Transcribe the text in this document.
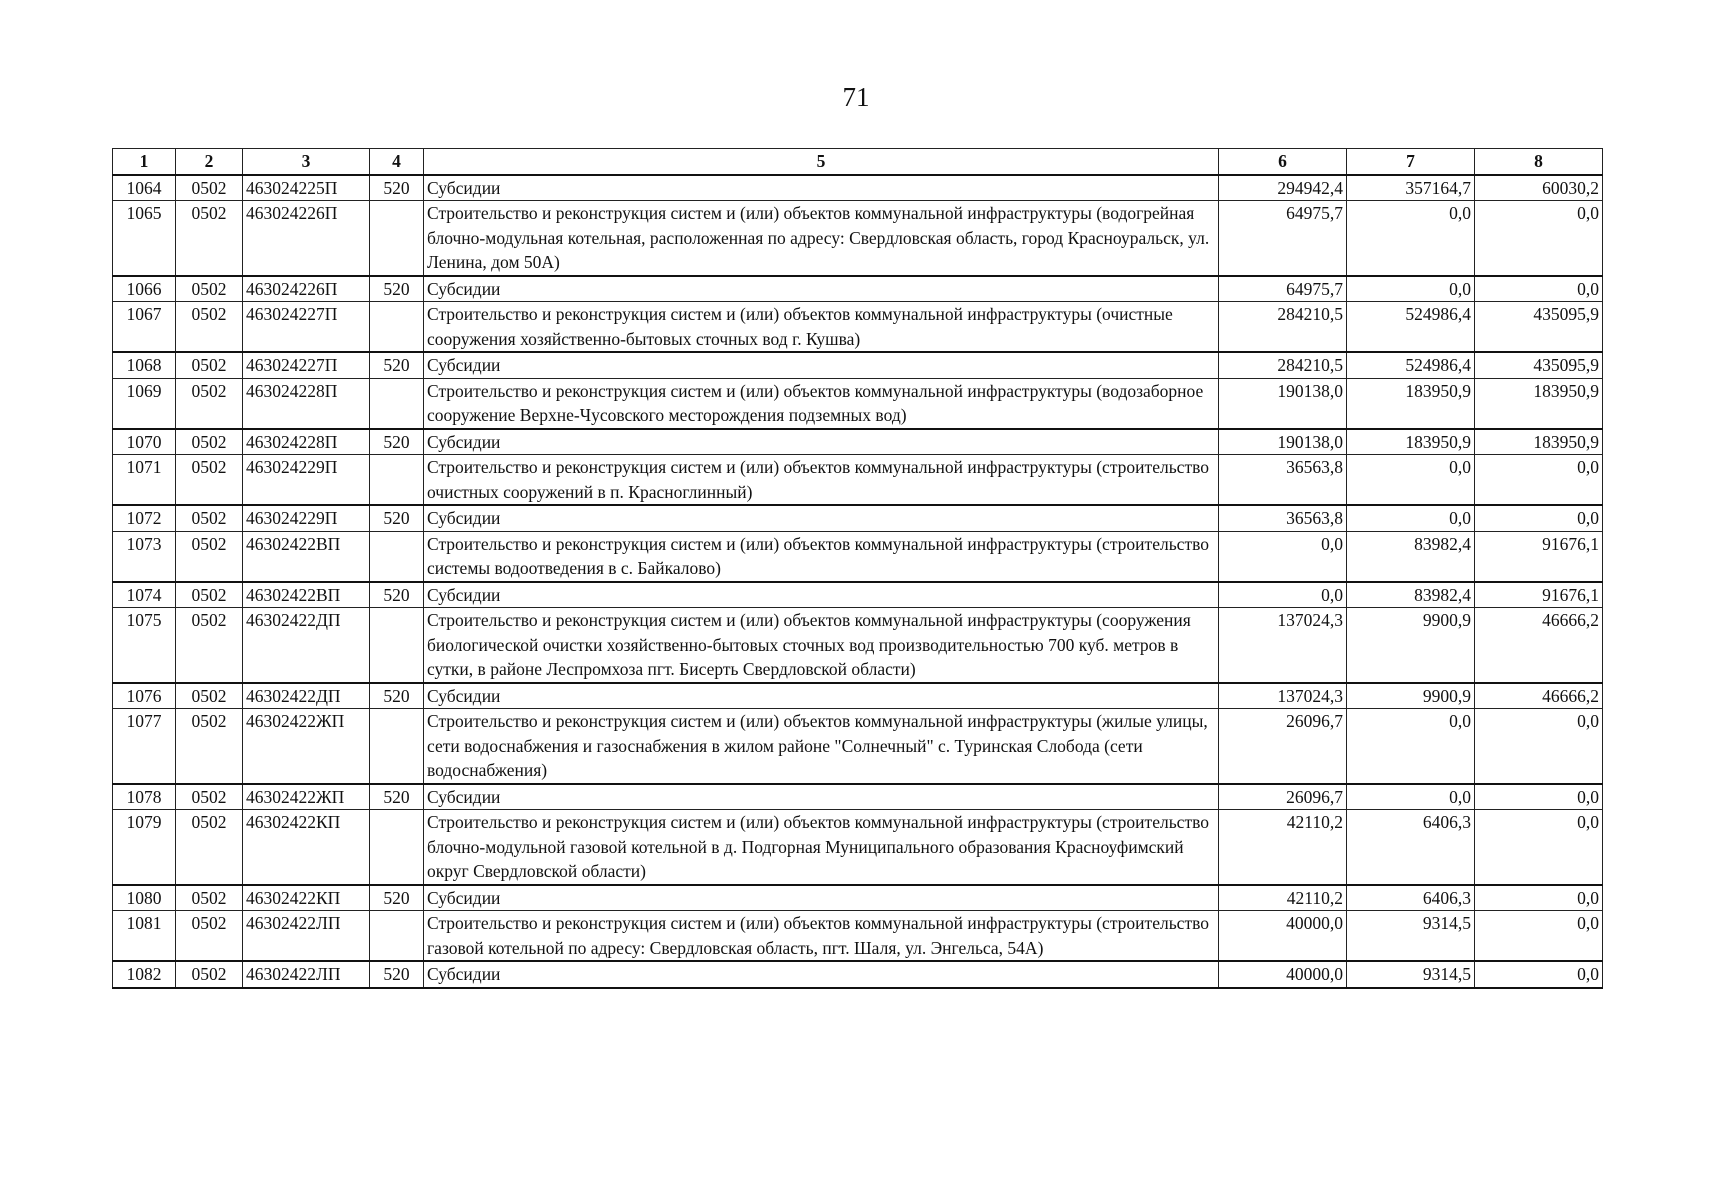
71
1	2	3	4	5	6	7	8
1064	0502	463024225П	520	Субсидии	294942,4	357164,7	60030,2
1065	0502	463024226П		Строительство и реконструкция систем и (или) объектов коммунальной инфраструктуры (водогрейная блочно-модульная котельная, расположенная по адресу: Свердловская область, город Красноуральск, ул. Ленина, дом 50А)	64975,7	0,0	0,0
1066	0502	463024226П	520	Субсидии	64975,7	0,0	0,0
1067	0502	463024227П		Строительство и реконструкция систем и (или) объектов коммунальной инфраструктуры (очистные сооружения хозяйственно-бытовых сточных вод г. Кушва)	284210,5	524986,4	435095,9
1068	0502	463024227П	520	Субсидии	284210,5	524986,4	435095,9
1069	0502	463024228П		Строительство и реконструкция систем и (или) объектов коммунальной инфраструктуры (водозаборное сооружение Верхне-Чусовского месторождения подземных вод)	190138,0	183950,9	183950,9
1070	0502	463024228П	520	Субсидии	190138,0	183950,9	183950,9
1071	0502	463024229П		Строительство и реконструкция систем и (или) объектов коммунальной инфраструктуры (строительство очистных сооружений в п. Красноглинный)	36563,8	0,0	0,0
1072	0502	463024229П	520	Субсидии	36563,8	0,0	0,0
1073	0502	46302422ВП		Строительство и реконструкция систем и (или) объектов коммунальной инфраструктуры (строительство системы водоотведения в с. Байкалово)	0,0	83982,4	91676,1
1074	0502	46302422ВП	520	Субсидии	0,0	83982,4	91676,1
1075	0502	46302422ДП		Строительство и реконструкция систем и (или) объектов коммунальной инфраструктуры (сооружения биологической очистки хозяйственно-бытовых сточных вод производительностью 700 куб. метров в сутки, в районе Леспромхоза пгт. Бисерть Свердловской области)	137024,3	9900,9	46666,2
1076	0502	46302422ДП	520	Субсидии	137024,3	9900,9	46666,2
1077	0502	46302422ЖП		Строительство и реконструкция систем и (или) объектов коммунальной инфраструктуры (жилые улицы, сети водоснабжения и газоснабжения в жилом районе "Солнечный" с. Туринская Слобода (сети водоснабжения)	26096,7	0,0	0,0
1078	0502	46302422ЖП	520	Субсидии	26096,7	0,0	0,0
1079	0502	46302422КП		Строительство и реконструкция систем и (или) объектов коммунальной инфраструктуры (строительство блочно-модульной газовой котельной в д. Подгорная Муниципального образования Красноуфимский округ Свердловской области)	42110,2	6406,3	0,0
1080	0502	46302422КП	520	Субсидии	42110,2	6406,3	0,0
1081	0502	46302422ЛП		Строительство и реконструкция систем и (или) объектов коммунальной инфраструктуры (строительство газовой котельной по адресу: Свердловская область, пгт. Шаля, ул. Энгельса, 54А)	40000,0	9314,5	0,0
1082	0502	46302422ЛП	520	Субсидии	40000,0	9314,5	0,0
